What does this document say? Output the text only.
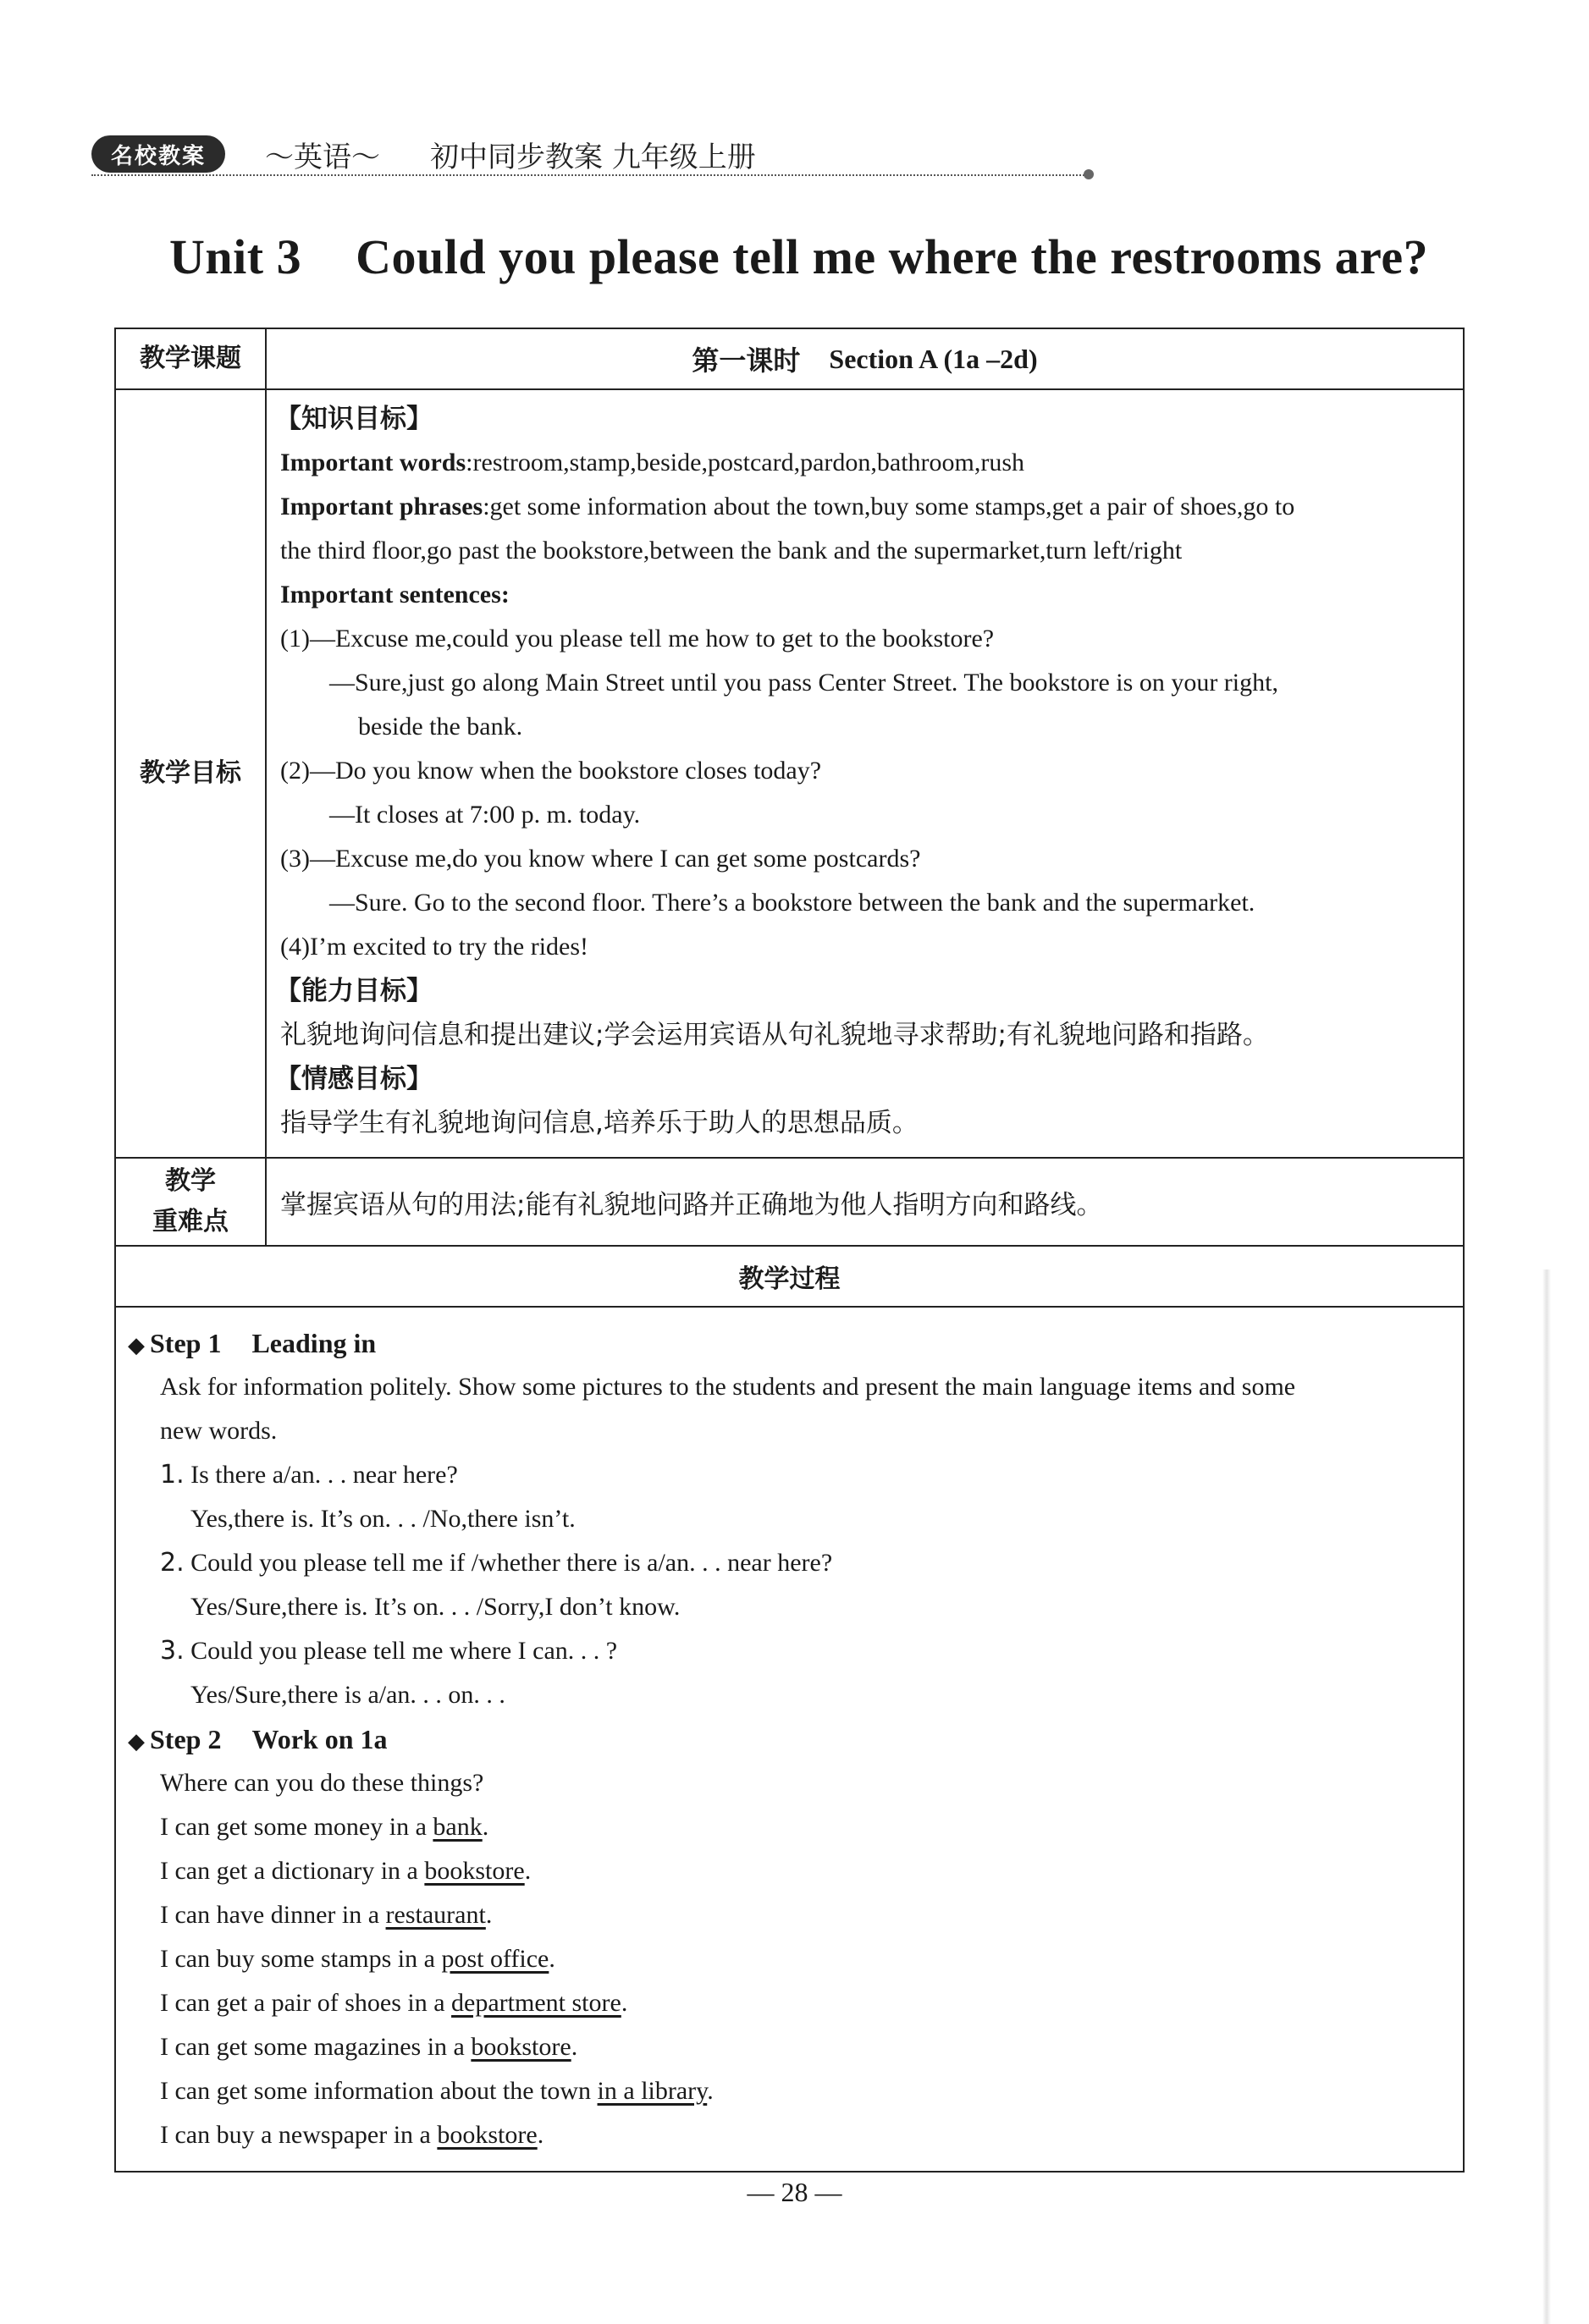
名校教案	〜英语〜 初中同步教案 九年级上册
Unit 3 Could you please tell me where the restrooms are?
教学课题	第一课时 Section A (1a –2d)
教学目标
【知识目标】
Important words:restroom,stamp,beside,postcard,pardon,bathroom,rush
Important phrases:get some information about the town,buy some stamps,get a pair of shoes,go to
the third floor,go past the bookstore,between the bank and the supermarket,turn left/right
Important sentences:
(1)—Excuse me,could you please tell me how to get to the bookstore?
—Sure,just go along Main Street until you pass Center Street. The bookstore is on your right,
beside the bank.
(2)—Do you know when the bookstore closes today?
—It closes at 7:00 p. m. today.
(3)—Excuse me,do you know where I can get some postcards?
—Sure. Go to the second floor. There’s a bookstore between the bank and the supermarket.
(4)I’m excited to try the rides!
【能力目标】
礼貌地询问信息和提出建议;学会运用宾语从句礼貌地寻求帮助;有礼貌地问路和指路。
【情感目标】
指导学生有礼貌地询问信息,培养乐于助人的思想品质。
教学
重难点
掌握宾语从句的用法;能有礼貌地问路并正确地为他人指明方向和路线。
教学过程
◆ Step 1 Leading in
Ask for information politely. Show some pictures to the students and present the main language items and some
new words.
1. Is there a/an. . . near here?
Yes,there is. It’s on. . . /No,there isn’t.
2. Could you please tell me if /whether there is a/an. . . near here?
Yes/Sure,there is. It’s on. . . /Sorry,I don’t know.
3. Could you please tell me where I can. . . ?
Yes/Sure,there is a/an. . . on. . .
◆ Step 2 Work on 1a
Where can you do these things?
I can get some money in a bank.
I can get a dictionary in a bookstore.
I can have dinner in a restaurant.
I can buy some stamps in a post office.
I can get a pair of shoes in a department store.
I can get some magazines in a bookstore.
I can get some information about the town in a library.
I can buy a newspaper in a bookstore.
— 28 —
